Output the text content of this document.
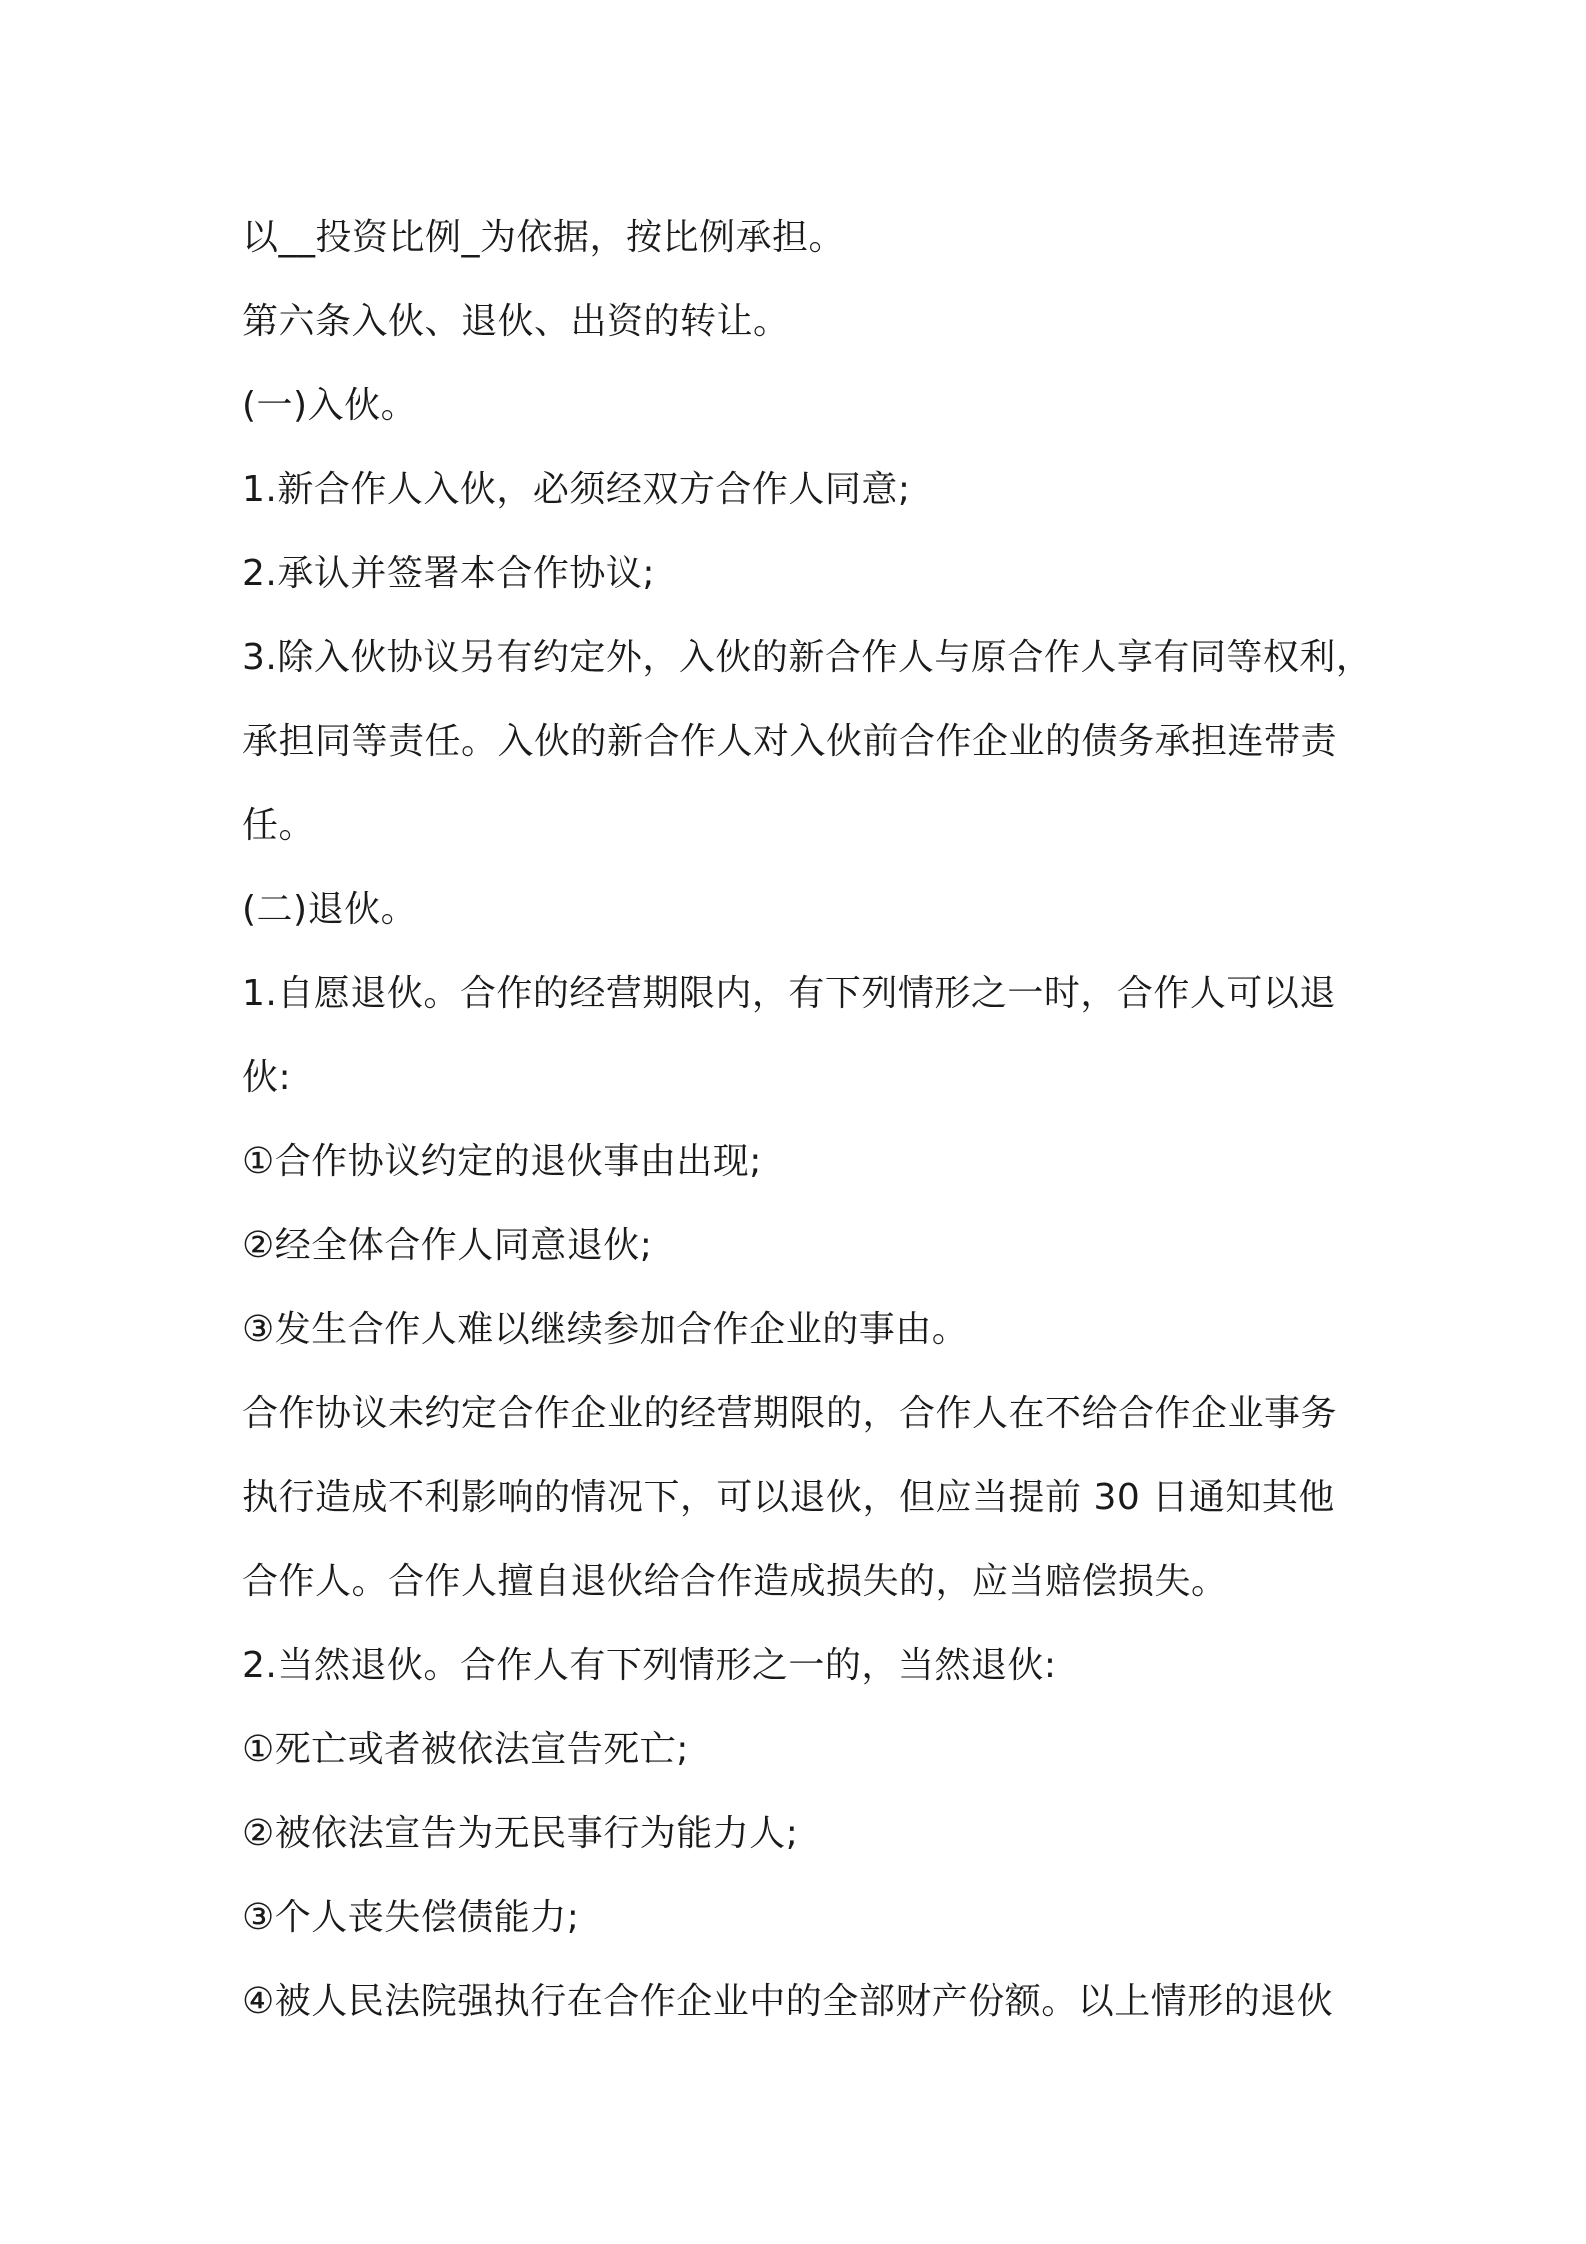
以__投资比例_为依据，按比例承担。
第六条入伙、退伙、出资的转让。
(一)入伙。
1.新合作人入伙，必须经双方合作人同意;
2.承认并签署本合作协议;
3.除入伙协议另有约定外，入伙的新合作人与原合作人享有同等权利，
承担同等责任。入伙的新合作人对入伙前合作企业的债务承担连带责
任。
(二)退伙。
1.自愿退伙。合作的经营期限内，有下列情形之一时，合作人可以退
伙:
①合作协议约定的退伙事由出现;
②经全体合作人同意退伙;
③发生合作人难以继续参加合作企业的事由。
合作协议未约定合作企业的经营期限的，合作人在不给合作企业事务
执行造成不利影响的情况下，可以退伙，但应当提前 30 日通知其他
合作人。合作人擅自退伙给合作造成损失的，应当赔偿损失。
2.当然退伙。合作人有下列情形之一的，当然退伙:
①死亡或者被依法宣告死亡;
②被依法宣告为无民事行为能力人;
③个人丧失偿债能力;
④被人民法院强执行在合作企业中的全部财产份额。以上情形的退伙
